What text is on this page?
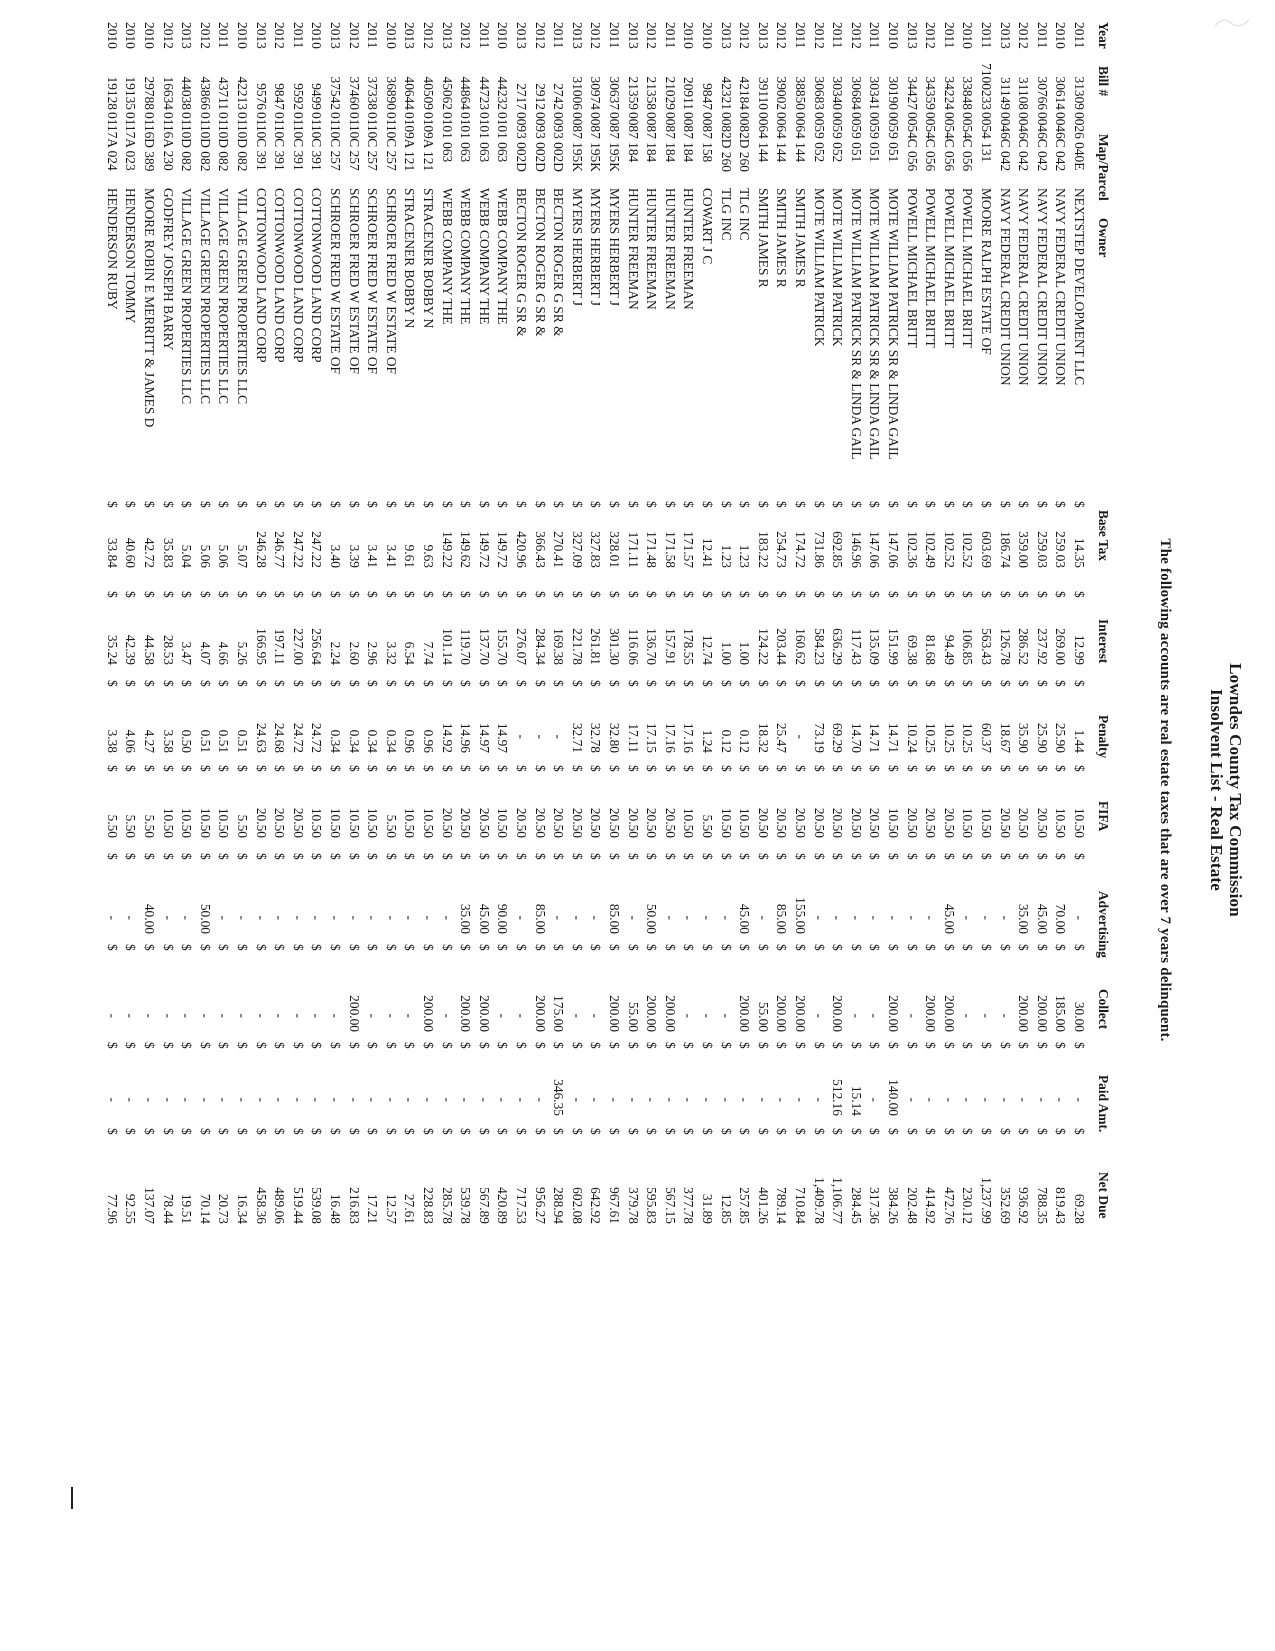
Lowndes County Tax Commission
Insolvent List - Real Estate
The following accounts are real estate taxes that are over 7 years delinquent.
Year
Bill #
Map/Parcel
Owner
Base Tax
Interest
Penalty
FIFA
Advertising
Collect
Paid Amt.
Net Due
2011
31309
0026 040E
NEXTSTEP DEVELOPMENT LLC
$
14.35
$
12.99
$
1.44
$
10.50
$
-
$
30.00
$
-
$
69.28
2010
30614
0046C 042
NAVY FEDERAL CREDIT UNION
$
259.03
$
269.00
$
25.90
$
10.50
$
70.00
$
185.00
$
-
$
819.43
2011
30766
0046C 042
NAVY FEDERAL CREDIT UNION
$
259.03
$
237.92
$
25.90
$
20.50
$
45.00
$
200.00
$
-
$
788.35
2012
31108
0046C 042
NAVY FEDERAL CREDIT UNION
$
359.00
$
286.52
$
35.90
$
20.50
$
35.00
$
200.00
$
-
$
936.92
2013
31149
0046C 042
NAVY FEDERAL CREDIT UNION
$
186.74
$
126.78
$
18.67
$
20.50
$
-
$
-
$
-
$
352.69
2011
7100233
0054 131
MOORE RALPH ESTATE OF
$
603.69
$
563.43
$
60.37
$
10.50
$
-
$
-
$
-
$
1,237.99
2010
33848
0054C 056
POWELL MICHAEL BRITT
$
102.52
$
106.85
$
10.25
$
10.50
$
-
$
-
$
-
$
230.12
2011
34224
0054C 056
POWELL MICHAEL BRITT
$
102.52
$
94.49
$
10.25
$
20.50
$
45.00
$
200.00
$
-
$
472.76
2012
34359
0054C 056
POWELL MICHAEL BRITT
$
102.49
$
81.68
$
10.25
$
20.50
$
-
$
200.00
$
-
$
414.92
2013
34427
0054C 056
POWELL MICHAEL BRITT
$
102.36
$
69.38
$
10.24
$
20.50
$
-
$
-
$
-
$
202.48
2010
30190
0059 051
MOTE WILLIAM PATRICK SR & LINDA GAIL
$
147.06
$
151.99
$
14.71
$
10.50
$
-
$
200.00
$
140.00
$
384.26
2011
30341
0059 051
MOTE WILLIAM PATRICK SR & LINDA GAIL
$
147.06
$
135.09
$
14.71
$
20.50
$
-
$
-
$
-
$
317.36
2012
30684
0059 051
MOTE WILLIAM PATRICK SR & LINDA GAIL
$
146.96
$
117.43
$
14.70
$
20.50
$
-
$
-
$
15.14
$
284.45
2011
30340
0059 052
MOTE WILLIAM PATRICK
$
692.85
$
636.29
$
69.29
$
20.50
$
-
$
200.00
$
512.16
$
1,106.77
2012
30683
0059 052
MOTE WILLIAM PATRICK
$
731.86
$
584.23
$
73.19
$
20.50
$
-
$
-
$
-
$
1,409.78
2011
38850
0064 144
SMITH JAMES R
$
174.72
$
160.62
$
-
$
20.50
$
155.00
$
200.00
$
-
$
710.84
2012
39002
0064 144
SMITH JAMES R
$
254.73
$
203.44
$
25.47
$
20.50
$
85.00
$
200.00
$
-
$
789.14
2013
39110
0064 144
SMITH JAMES R
$
183.22
$
124.22
$
18.32
$
20.50
$
-
$
55.00
$
-
$
401.26
2012
42184
0082D 260
TLG INC
$
1.23
$
1.00
$
0.12
$
10.50
$
45.00
$
200.00
$
-
$
257.85
2013
42321
0082D 260
TLG INC
$
1.23
$
1.00
$
0.12
$
10.50
$
-
$
-
$
-
$
12.85
2010
9847
0087 158
COWART J C
$
12.41
$
12.74
$
1.24
$
5.50
$
-
$
-
$
-
$
31.89
2010
20911
0087 184
HUNTER FREEMAN
$
171.57
$
178.55
$
17.16
$
10.50
$
-
$
-
$
-
$
377.78
2011
21029
0087 184
HUNTER FREEMAN
$
171.58
$
157.91
$
17.16
$
20.50
$
-
$
200.00
$
-
$
567.15
2012
21358
0087 184
HUNTER FREEMAN
$
171.48
$
136.70
$
17.15
$
20.50
$
50.00
$
200.00
$
-
$
595.83
2013
21359
0087 184
HUNTER FREEMAN
$
171.11
$
116.06
$
17.11
$
20.50
$
-
$
55.00
$
-
$
379.78
2011
30637
0087 195K
MYERS HERBERT J
$
328.01
$
301.30
$
32.80
$
20.50
$
85.00
$
200.00
$
-
$
967.61
2012
30974
0087 195K
MYERS HERBERT J
$
327.83
$
261.81
$
32.78
$
20.50
$
-
$
-
$
-
$
642.92
2013
31006
0087 195K
MYERS HERBERT J
$
327.09
$
221.78
$
32.71
$
20.50
$
-
$
-
$
-
$
602.08
2011
2742
0093 002D
BECTON ROGER G SR &
$
270.41
$
169.38
$
-
$
20.50
$
-
$
175.00
$
346.35
$
288.94
2012
2912
0093 002D
BECTON ROGER G SR &
$
366.43
$
284.34
$
-
$
20.50
$
85.00
$
200.00
$
-
$
956.27
2013
2717
0093 002D
BECTON ROGER G SR &
$
420.96
$
276.07
$
-
$
20.50
$
-
$
-
$
-
$
717.53
2010
44232
0101 063
WEBB COMPANY THE
$
149.72
$
155.70
$
14.97
$
10.50
$
90.00
$
-
$
-
$
420.89
2011
44723
0101 063
WEBB COMPANY THE
$
149.72
$
137.70
$
14.97
$
20.50
$
45.00
$
200.00
$
-
$
567.89
2012
44864
0101 063
WEBB COMPANY THE
$
149.62
$
119.70
$
14.96
$
20.50
$
35.00
$
200.00
$
-
$
539.78
2013
45062
0101 063
WEBB COMPANY THE
$
149.22
$
101.14
$
14.92
$
20.50
$
-
$
-
$
-
$
285.78
2012
40509
0109A 121
STRACENER BOBBY N
$
9.63
$
7.74
$
0.96
$
10.50
$
-
$
200.00
$
-
$
228.83
2013
40644
0109A 121
STRACENER BOBBY N
$
9.61
$
6.54
$
0.96
$
10.50
$
-
$
-
$
-
$
27.61
2010
36890
0110C 257
SCHROER FRED W ESTATE OF
$
3.41
$
3.32
$
0.34
$
5.50
$
-
$
-
$
-
$
12.57
2011
37338
0110C 257
SCHROER FRED W ESTATE OF
$
3.41
$
2.96
$
0.34
$
10.50
$
-
$
-
$
-
$
17.21
2012
37460
0110C 257
SCHROER FRED W ESTATE OF
$
3.39
$
2.60
$
0.34
$
10.50
$
-
$
200.00
$
-
$
216.83
2013
37542
0110C 257
SCHROER FRED W ESTATE OF
$
3.40
$
2.24
$
0.34
$
10.50
$
-
$
-
$
-
$
16.48
2010
9499
0110C 391
COTTONWOOD LAND CORP
$
247.22
$
256.64
$
24.72
$
10.50
$
-
$
-
$
-
$
539.08
2011
9592
0110C 391
COTTONWOOD LAND CORP
$
247.22
$
227.00
$
24.72
$
20.50
$
-
$
-
$
-
$
519.44
2012
9847
0110C 391
COTTONWOOD LAND CORP
$
246.77
$
197.11
$
24.68
$
20.50
$
-
$
-
$
-
$
489.06
2013
9576
0110C 391
COTTONWOOD LAND CORP
$
246.28
$
166.95
$
24.63
$
20.50
$
-
$
-
$
-
$
458.36
2010
42213
0110D 082
VILLAGE GREEN PROPERTIES LLC
$
5.07
$
5.26
$
0.51
$
5.50
$
-
$
-
$
-
$
16.34
2011
43711
0110D 082
VILLAGE GREEN PROPERTIES LLC
$
5.06
$
4.66
$
0.51
$
10.50
$
-
$
-
$
-
$
20.73
2012
43866
0110D 082
VILLAGE GREEN PROPERTIES LLC
$
5.06
$
4.07
$
0.51
$
10.50
$
50.00
$
-
$
-
$
70.14
2013
44038
0110D 082
VILLAGE GREEN PROPERTIES LLC
$
5.04
$
3.47
$
0.50
$
10.50
$
-
$
-
$
-
$
19.51
2012
16634
0116A 230
GODFREY JOSEPH BARRY
$
35.83
$
28.53
$
3.58
$
10.50
$
-
$
-
$
-
$
78.44
2010
29788
0116D 389
MOORE ROBIN E MERRITT & JAMES D
$
42.72
$
44.58
$
4.27
$
5.50
$
40.00
$
-
$
-
$
137.07
2010
19135
0117A 023
HENDERSON TOMMY
$
40.60
$
42.39
$
4.06
$
5.50
$
-
$
-
$
-
$
92.55
2010
19128
0117A 024
HENDERSON RUBY
$
33.84
$
35.24
$
3.38
$
5.50
$
-
$
-
$
-
$
77.96
